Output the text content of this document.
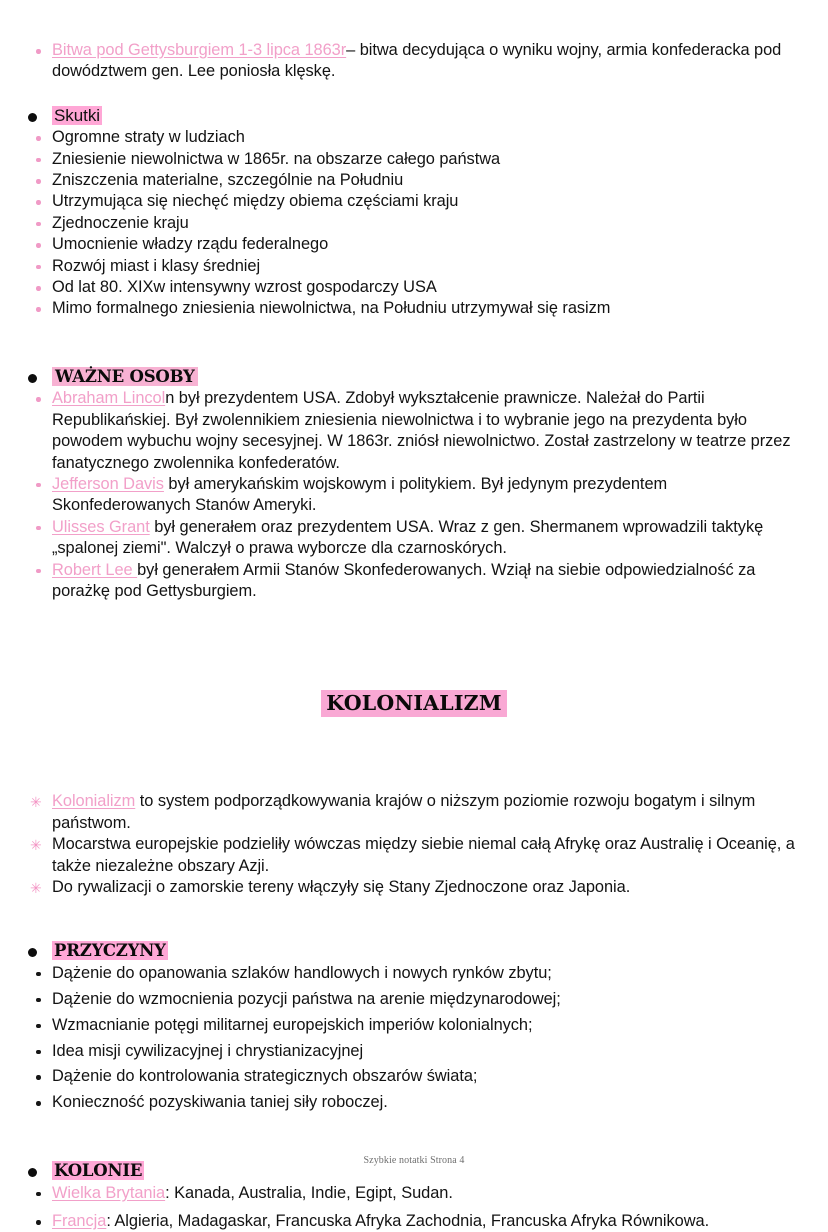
Bitwa pod Gettysburgiem 1-3 lipca 1863r– bitwa decydująca o wyniku wojny, armia konfederacka pod dowództwem gen. Lee poniosła klęskę.
Skutki
Ogromne straty w ludziach
Zniesienie niewolnictwa w 1865r. na obszarze całego państwa
Zniszczenia materialne, szczególnie na Południu
Utrzymująca się niechęć między obiema częściami kraju
Zjednoczenie kraju
Umocnienie władzy rządu federalnego
Rozwój miast i klasy średniej
Od lat 80. XIXw intensywny wzrost gospodarczy USA
Mimo formalnego zniesienia niewolnictwa, na Południu utrzymywał się rasizm
WAŻNE OSOBY
Abraham Lincoln był prezydentem USA. Zdobył wykształcenie prawnicze. Należał do Partii Republikańskiej. Był zwolennikiem zniesienia niewolnictwa i to wybranie jego na prezydenta było powodem wybuchu wojny secesyjnej. W 1863r. zniósł niewolnictwo. Został zastrzelony w teatrze przez fanatycznego zwolennika konfederatów.
Jefferson Davis był amerykańskim wojskowym i politykiem. Był jedynym prezydentem Skonfederowanych Stanów Ameryki.
Ulisses Grant był generałem oraz prezydentem USA. Wraz z gen. Shermanem wprowadzili taktykę „spalonej ziemi". Walczył o prawa wyborcze dla czarnoskórych.
Robert Lee był generałem Armii Stanów Skonfederowanych. Wziął na siebie odpowiedzialność za porażkę pod Gettysburgiem.
KOLONIALIZM
✳ Kolonializm to system podporządkowywania krajów o niższym poziomie rozwoju bogatym i silnym państwom.
✳ Mocarstwa europejskie podzieliły wówczas między siebie niemal całą Afrykę oraz Australię i Oceanię, a także niezależne obszary Azji.
✳ Do rywalizacji o zamorskie tereny włączyły się Stany Zjednoczone oraz Japonia.
PRZYCZYNY
Dążenie do opanowania szlaków handlowych i nowych rynków zbytu;
Dążenie do wzmocnienia pozycji państwa na arenie międzynarodowej;
Wzmacnianie potęgi militarnej europejskich imperiów kolonialnych;
Idea misji cywilizacyjnej i chrystianizacyjnej
Dążenie do kontrolowania strategicznych obszarów świata;
Konieczność pozyskiwania taniej siły roboczej.
KOLONIE
Wielka Brytania: Kanada, Australia, Indie, Egipt, Sudan.
Francja: Algieria, Madagaskar, Francuska Afryka Zachodnia, Francuska Afryka Równikowa.
Szybkie notatki Strona 4
